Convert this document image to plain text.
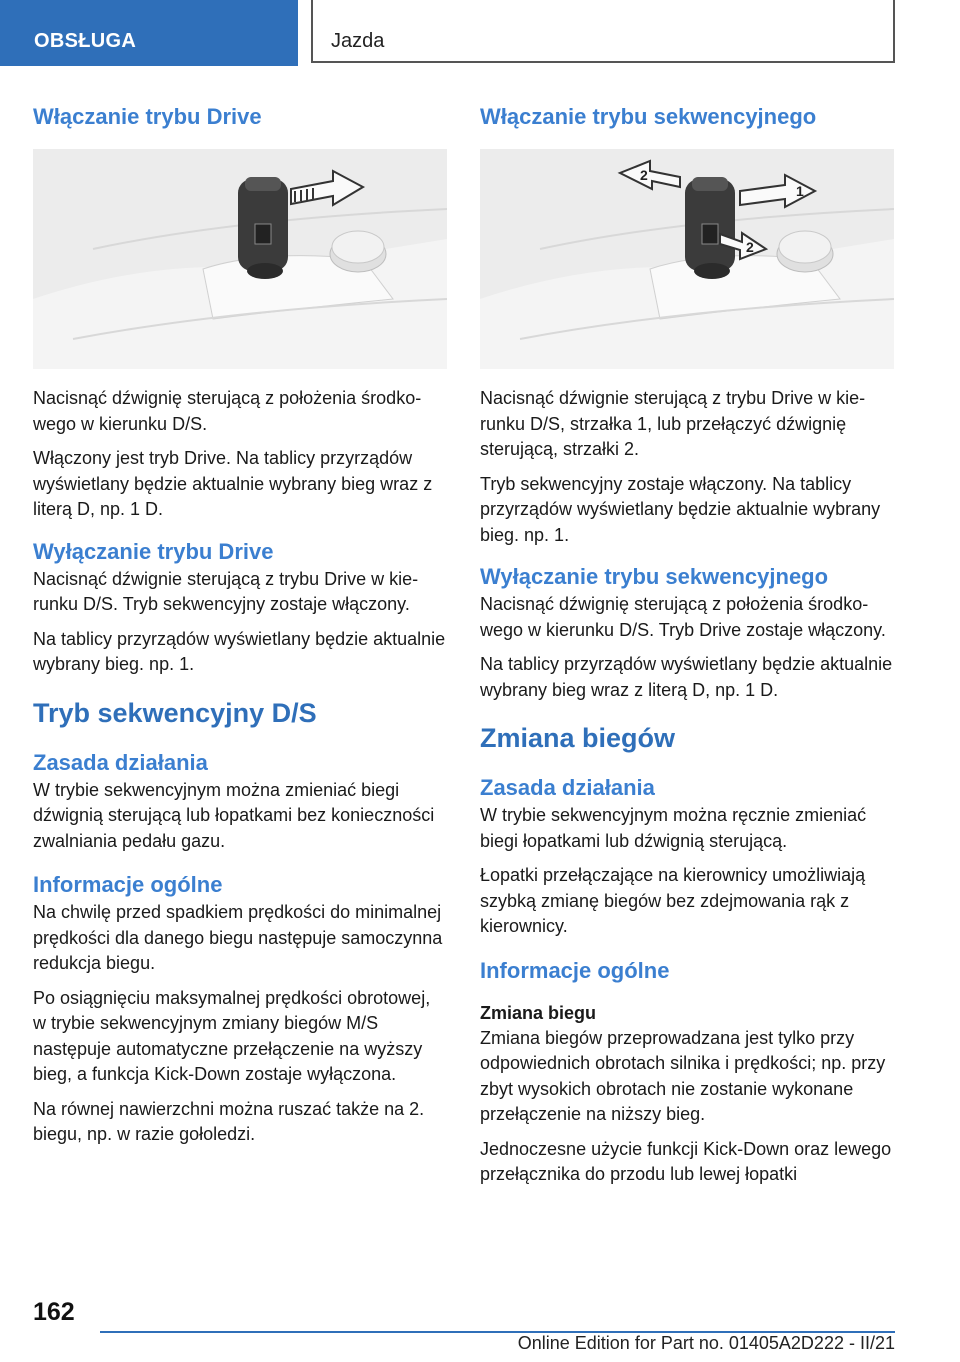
OBSŁUGA	Jazda
Włączanie trybu Drive

Nacisnąć dźwignię sterującą z położenia środkowego w kierunku D/S.

Włączony jest tryb Drive. Na tablicy przyrządów wyświetlany będzie aktualnie wybrany bieg wraz z literą D, np. 1 D.

Wyłączanie trybu Drive

Nacisnąć dźwignie sterującą z trybu Drive w kierunku D/S. Tryb sekwencyjny zostaje włączony.

Na tablicy przyrządów wyświetlany będzie aktualnie wybrany bieg. np. 1.

Tryb sekwencyjny D/S
Zasada działania

W trybie sekwencyjnym można zmieniać biegi dźwignią sterującą lub łopatkami bez konieczności zwalniania pedału gazu.

Informacje ogólne

Na chwilę przed spadkiem prędkości do minimalnej prędkości dla danego biegu następuje samoczynna redukcja biegu.

Po osiągnięciu maksymalnej prędkości obrotowej, w trybie sekwencyjnym zmiany biegów M/S następuje automatyczne przełączenie na wyższy bieg, a funkcja Kick-Down zostaje wyłączona.

Na równej nawierzchni można ruszać także na 2. biegu, np. w razie gołoledzi.

Włączanie trybu sekwencyjnego
1
2
2

Nacisnąć dźwignie sterującą z trybu Drive w kierunku D/S, strzałka 1, lub przełączyć dźwignię sterującą, strzałki 2.

Tryb sekwencyjny zostaje włączony. Na tablicy przyrządów wyświetlany będzie aktualnie wybrany bieg. np. 1.

Wyłączanie trybu sekwencyjnego

Nacisnąć dźwignię sterującą z położenia środkowego w kierunku D/S. Tryb Drive zostaje włączony.

Na tablicy przyrządów wyświetlany będzie aktualnie wybrany bieg wraz z literą D, np. 1 D.

Zmiana biegów
Zasada działania

W trybie sekwencyjnym można ręcznie zmieniać biegi łopatkami lub dźwignią sterującą.

Łopatki przełączające na kierownicy umożliwiają szybką zmianę biegów bez zdejmowania rąk z kierownicy.

Informacje ogólne
Zmiana biegu

Zmiana biegów przeprowadzana jest tylko przy odpowiednich obrotach silnika i prędkości; np. przy zbyt wysokich obrotach nie zostanie wykonane przełączenie na niższy bieg.

Jednoczesne użycie funkcji Kick-Down oraz lewego przełącznika do przodu lub lewej łopatki

162
Online Edition for Part no. 01405A2D222 - II/21
